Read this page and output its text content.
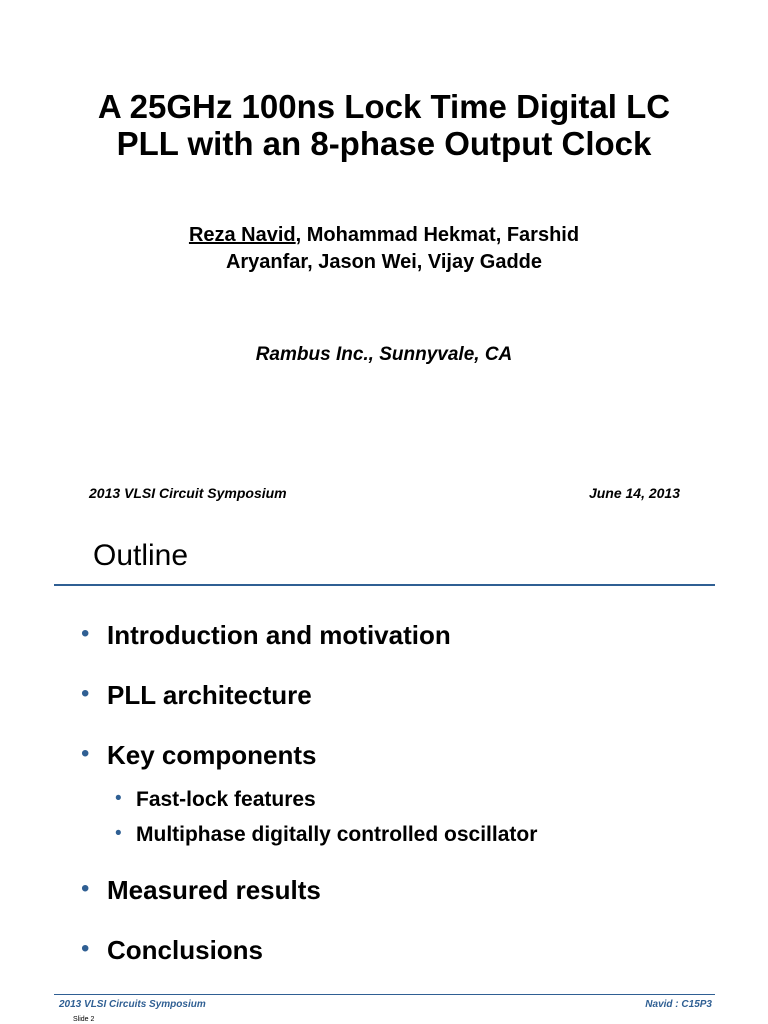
A 25GHz 100ns Lock Time Digital LC
PLL with an 8-phase Output Clock
Reza Navid, Mohammad Hekmat, Farshid
Aryanfar, Jason Wei, Vijay Gadde
Rambus Inc., Sunnyvale, CA
2013 VLSI Circuit Symposium	June 14, 2013
Outline
• Introduction and motivation
• PLL architecture
• Key components
• Fast-lock features
• Multiphase digitally controlled oscillator
• Measured results
• Conclusions
2013 VLSI Circuits Symposium	Navid : C15P3
Slide 2
